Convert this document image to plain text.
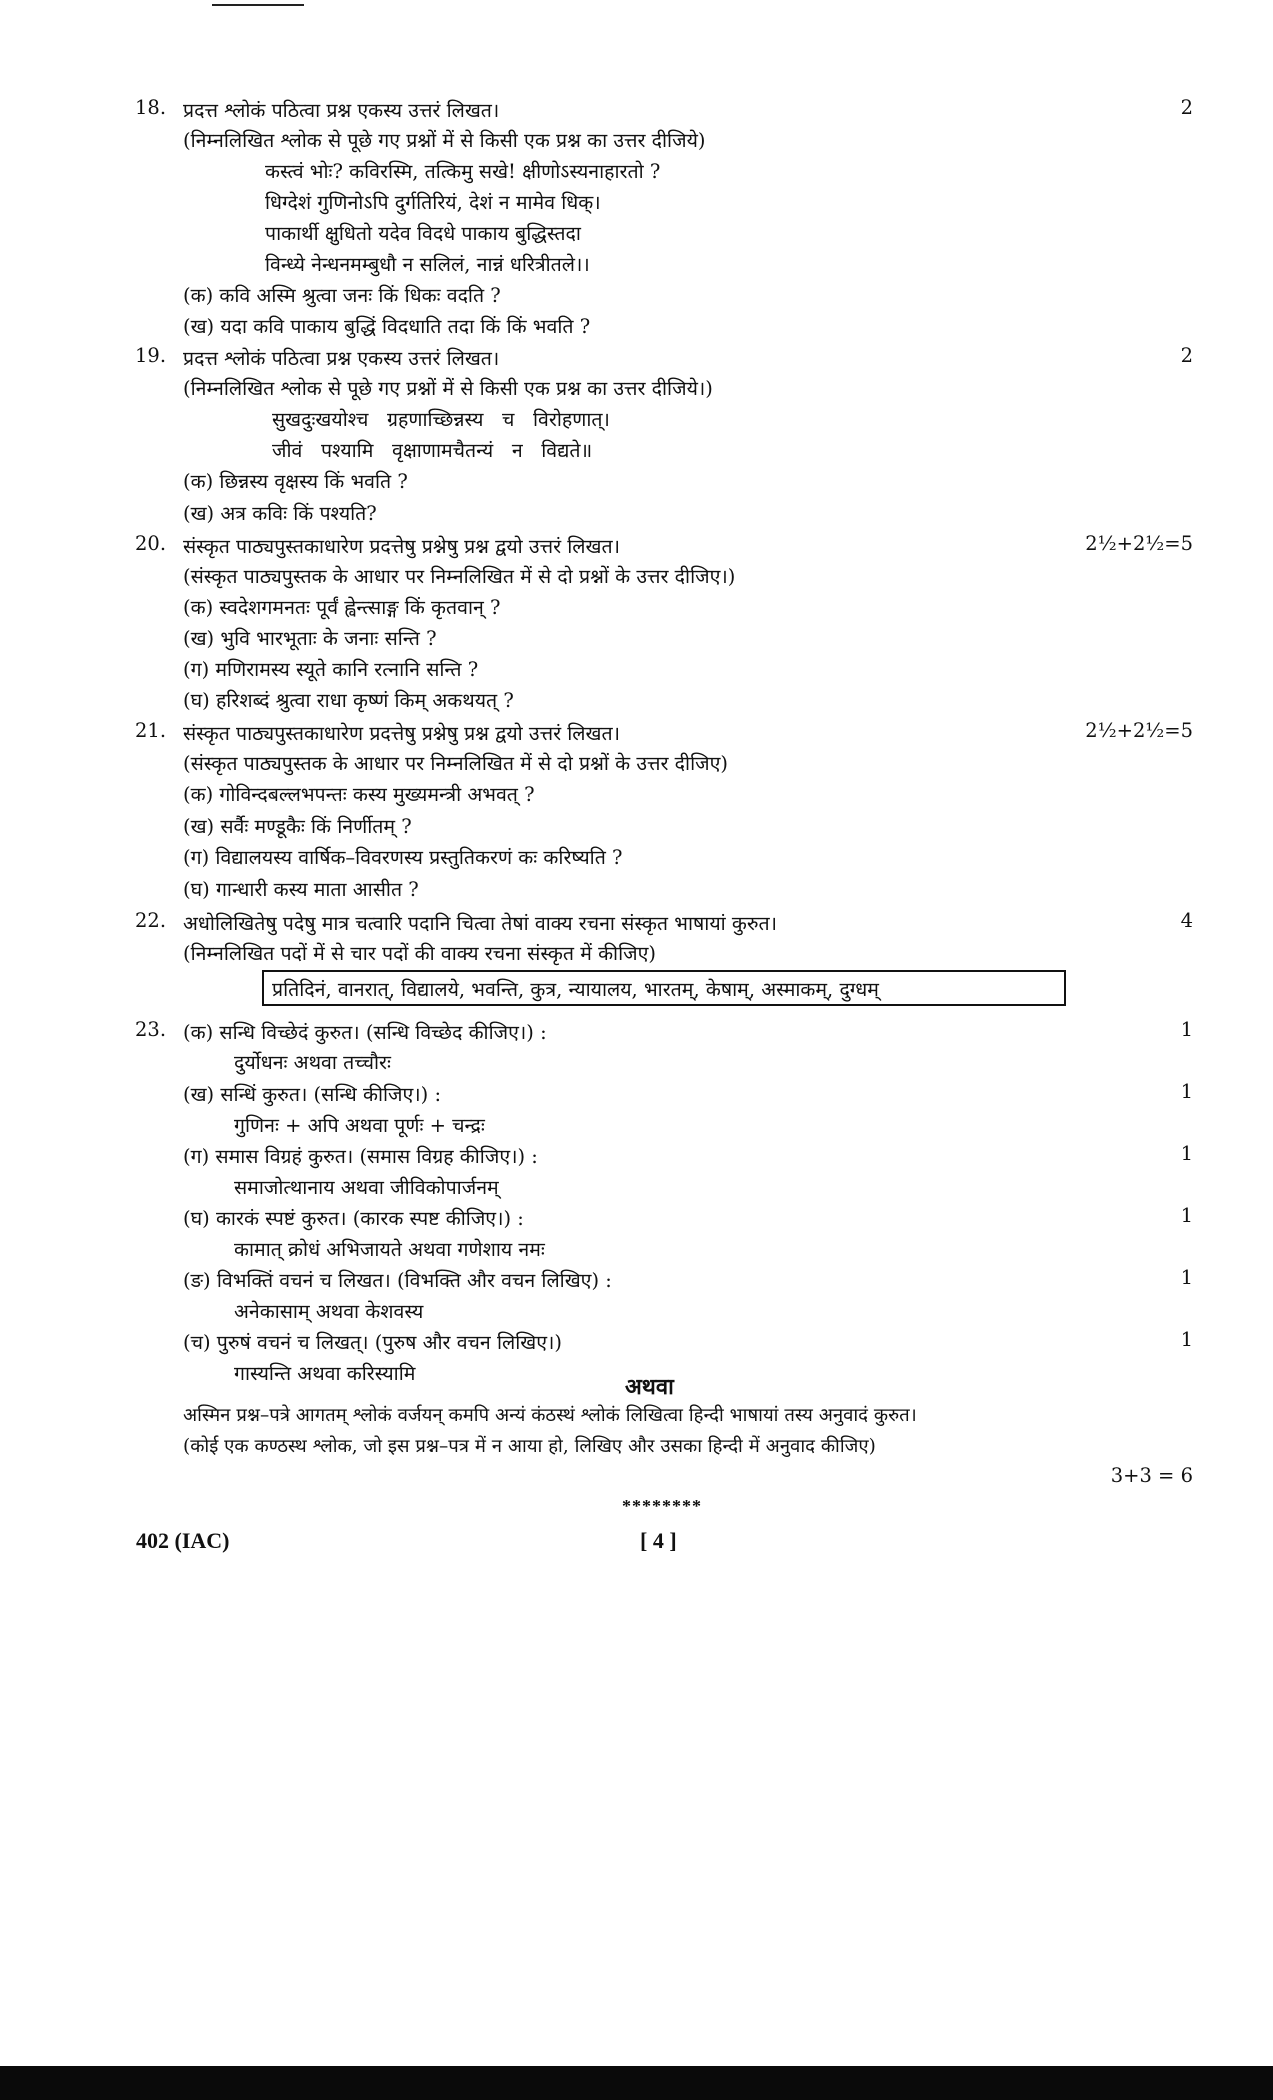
18. प्रदत्त श्लोकं पठित्वा प्रश्न एकस्य उत्तरं लिखत।	2
(निम्नलिखित श्लोक से पूछे गए प्रश्नों में से किसी एक प्रश्न का उत्तर दीजिये)
कस्त्वं भोः? कविरस्मि, तत्किमु सखे! क्षीणोऽस्यनाहारतो ?
धिग्देशं गुणिनोऽपि दुर्गतिरियं, देशं न मामेव धिक्।
पाकार्थी क्षुधितो यदेव विदधे पाकाय बुद्धिस्तदा
विन्ध्ये नेन्धनमम्बुधौ न सलिलं, नान्नं धरित्रीतले।।
(क) कवि अस्मि श्रुत्वा जनः किं धिकः वदति ?
(ख) यदा कवि पाकाय बुद्धिं विदधाति तदा किं किं भवति ?
19. प्रदत्त श्लोकं पठित्वा प्रश्न एकस्य उत्तरं लिखत।	2
(निम्नलिखित श्लोक से पूछे गए प्रश्नों में से किसी एक प्रश्न का उत्तर दीजिये।)
सुखदुःखयोश्च   ग्रहणाच्छिन्नस्य   च   विरोहणात्।
जीवं   पश्यामि   वृक्षाणामचैतन्यं   न   विद्यते॥
(क) छिन्नस्य वृक्षस्य किं भवति ?
(ख) अत्र कविः किं पश्यति?
20. संस्कृत पाठ्यपुस्तकाधारेण प्रदत्तेषु प्रश्नेषु प्रश्न द्वयो उत्तरं लिखत।	2½+2½=5
(संस्कृत पाठ्यपुस्तक के आधार पर निम्नलिखित में से दो प्रश्नों के उत्तर दीजिए।)
(क) स्वदेशगमनतः पूर्वं ह्वेन्त्साङ्ग किं कृतवान् ?
(ख) भुवि भारभूताः के जनाः सन्ति ?
(ग) मणिरामस्य स्यूते कानि रत्नानि सन्ति ?
(घ) हरिशब्दं श्रुत्वा राधा कृष्णं किम् अकथयत् ?
21. संस्कृत पाठ्यपुस्तकाधारेण प्रदत्तेषु प्रश्नेषु प्रश्न द्वयो उत्तरं लिखत।	2½+2½=5
(संस्कृत पाठ्यपुस्तक के आधार पर निम्नलिखित में से दो प्रश्नों के उत्तर दीजिए)
(क) गोविन्दबल्लभपन्तः कस्य मुख्यमन्त्री अभवत् ?
(ख) सर्वैः मण्डूकैः किं निर्णीतम् ?
(ग) विद्यालयस्य वार्षिक–विवरणस्य प्रस्तुतिकरणं कः करिष्यति ?
(घ) गान्धारी कस्य माता आसीत ?
22. अधोलिखितेषु पदेषु मात्र चत्वारि पदानि चित्वा तेषां वाक्य रचना संस्कृत भाषायां कुरुत।	4
(निम्नलिखित पदों में से चार पदों की वाक्य रचना संस्कृत में कीजिए)
प्रतिदिनं, वानरात्, विद्यालये, भवन्ति, कुत्र, न्यायालय, भारतम्, केषाम्, अस्माकम्, दुग्धम्
23. (क) सन्धि विच्छेदं कुरुत। (सन्धि विच्छेद कीजिए।) :	1
दुर्योधनः अथवा तच्चौरः
(ख) सन्धिं कुरुत। (सन्धि कीजिए।) :	1
गुणिनः + अपि अथवा पूर्णः + चन्द्रः
(ग) समास विग्रहं कुरुत। (समास विग्रह कीजिए।) :	1
समाजोत्थानाय अथवा जीविकोपार्जनम्
(घ) कारकं स्पष्टं कुरुत। (कारक स्पष्ट कीजिए।) :	1
कामात् क्रोधं अभिजायते अथवा गणेशाय नमः
(ङ) विभक्तिं वचनं च लिखत। (विभक्ति और वचन लिखिए) :	1
अनेकासाम् अथवा केशवस्य
(च) पुरुषं वचनं च लिखत्। (पुरुष और वचन लिखिए।)	1
गास्यन्ति अथवा करिस्यामि
अथवा
अस्मिन प्रश्न–पत्रे आगतम् श्लोकं वर्जयन् कमपि अन्यं कंठस्थं श्लोकं लिखित्वा हिन्दी भाषायां तस्य अनुवादं कुरुत।
(कोई एक कण्ठस्थ श्लोक, जो इस प्रश्न–पत्र में न आया हो, लिखिए और उसका हिन्दी में अनुवाद कीजिए)
3+3 = 6
********
402 (IAC)	[ 4 ]
